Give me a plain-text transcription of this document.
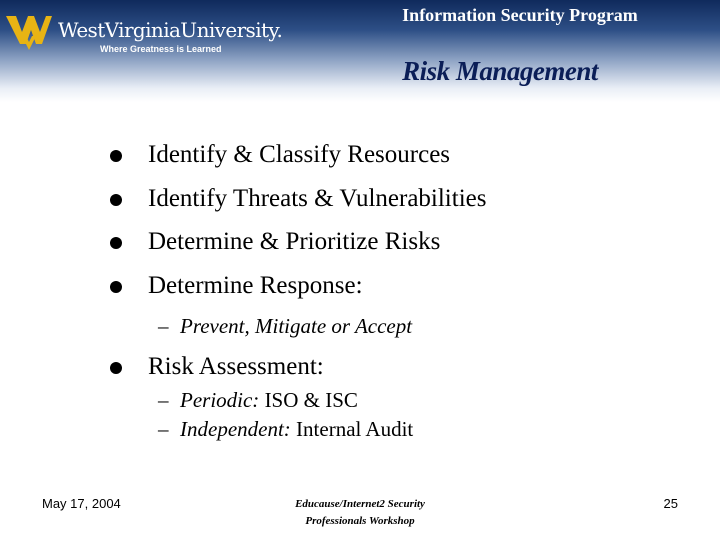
WestVirginiaUniversity.
Where Greatness is Learned
Information Security Program
Risk Management
Identify & Classify Resources
Identify Threats & Vulnerabilities
Determine & Prioritize Risks
Determine Response:
– Prevent, Mitigate or Accept
Risk Assessment:
– Periodic: ISO & ISC
– Independent: Internal Audit
May 17, 2004	Educause/Internet2 Security
Professionals Workshop
25
